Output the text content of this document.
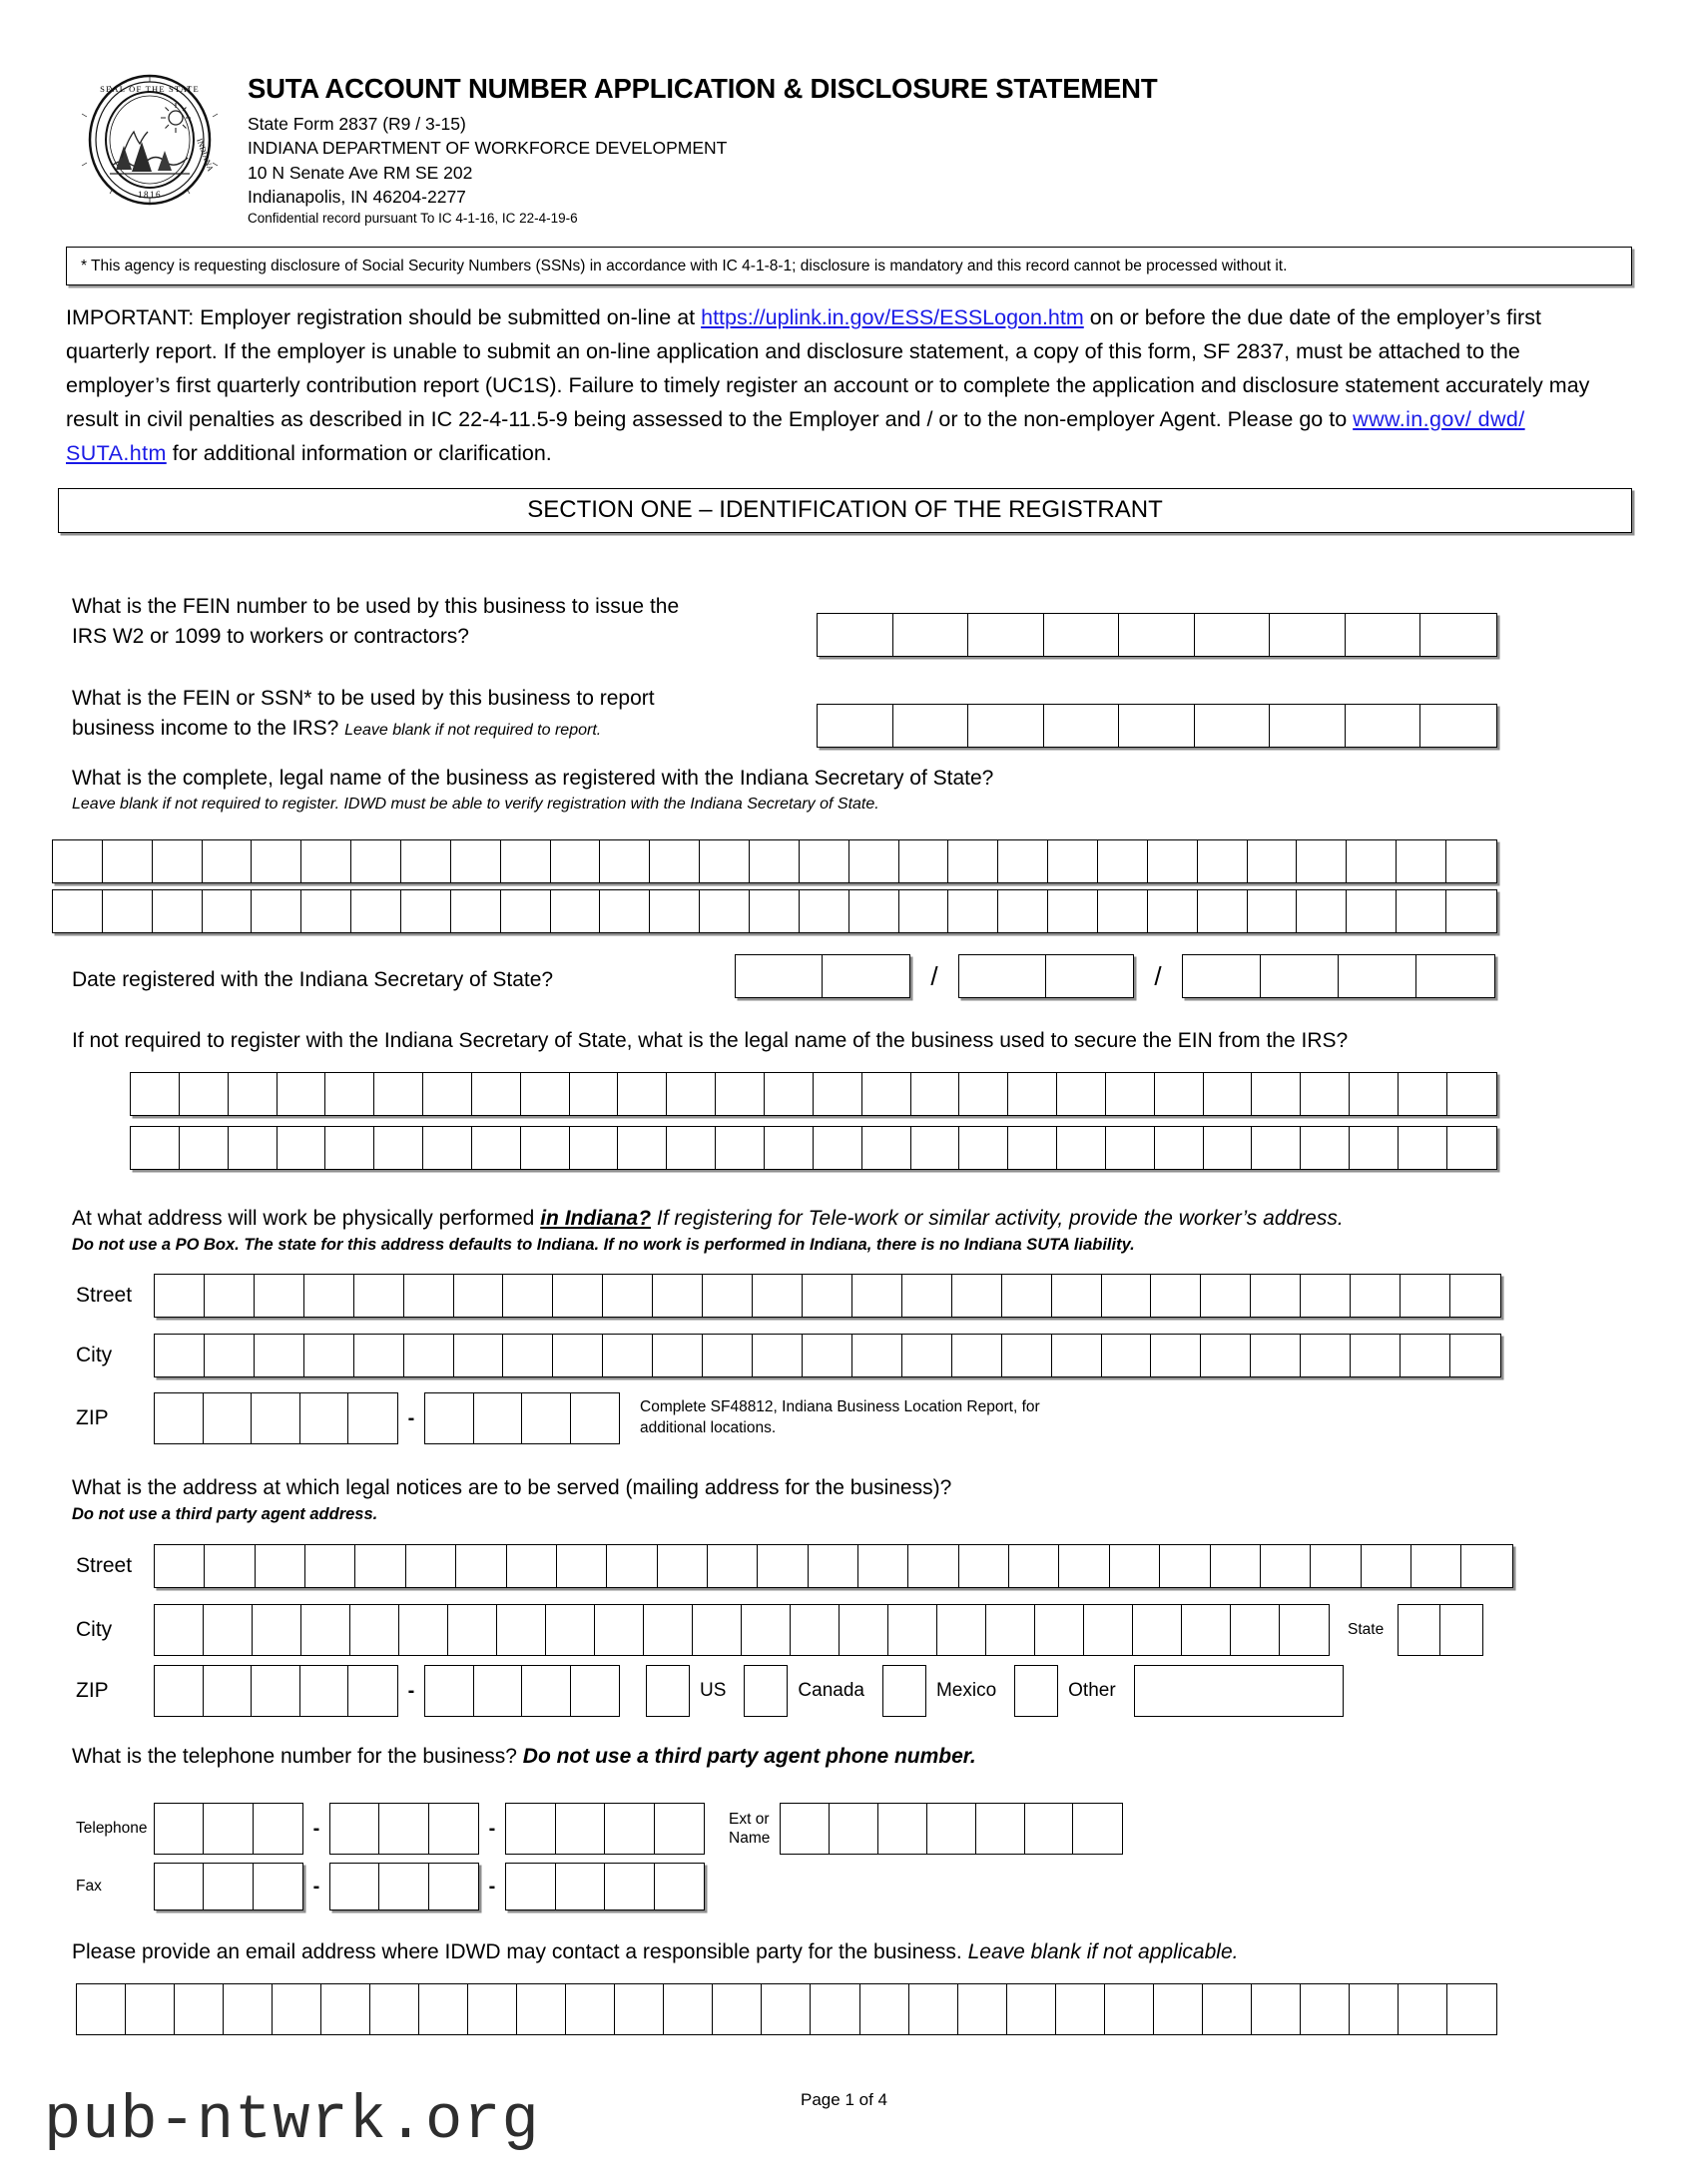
SEAL OF THE STATE
1816
INDIANA
SUTA ACCOUNT NUMBER APPLICATION & DISCLOSURE STATEMENT
State Form 2837 (R9 / 3-15)
INDIANA DEPARTMENT OF WORKFORCE DEVELOPMENT
10 N Senate Ave RM SE 202
Indianapolis, IN 46204-2277
Confidential record pursuant To IC 4-1-16, IC 22-4-19-6
* This agency is requesting disclosure of Social Security Numbers (SSNs) in accordance with IC 4-1-8-1; disclosure is mandatory and this record cannot be processed without it.
IMPORTANT: Employer registration should be submitted on-line at https://uplink.in.gov/ESS/ESSLogon.htm on or before the due date of the employer’s first quarterly report. If the employer is unable to submit an on-line application and disclosure statement, a copy of this form, SF 2837, must be attached to the employer’s first quarterly contribution report (UC1S). Failure to timely register an account or to complete the application and disclosure statement accurately may result in civil penalties as described in IC 22-4-11.5-9 being assessed to the Employer and / or to the non-employer Agent. Please go to www.in.gov/ dwd/ SUTA.htm for additional information or clarification.
SECTION ONE – IDENTIFICATION OF THE REGISTRANT
What is the FEIN number to be used by this business to issue the
IRS W2 or 1099 to workers or contractors?
What is the FEIN or SSN* to be used by this business to report
business income to the IRS? Leave blank if not required to report.
What is the complete, legal name of the business as registered with the Indiana Secretary of State?
Leave blank if not required to register. IDWD must be able to verify registration with the Indiana Secretary of State.
Date registered with the Indiana Secretary of State?	/	/
If not required to register with the Indiana Secretary of State, what is the legal name of the business used to secure the EIN from the IRS?
At what address will work be physically performed in Indiana? If registering for Tele-work or similar activity, provide the worker’s address.
Do not use a PO Box. The state for this address defaults to Indiana. If no work is performed in Indiana, there is no Indiana SUTA liability.
Street
City
ZIP	-	Complete SF48812, Indiana Business Location Report, for additional locations.
What is the address at which legal notices are to be served (mailing address for the business)?
Do not use a third party agent address.
Street
City	State
ZIP	-	US	Canada	Mexico	Other
What is the telephone number for the business? Do not use a third party agent phone number.
Telephone	-	-	Ext or
Name
Fax	-	-
Please provide an email address where IDWD may contact a responsible party for the business. Leave blank if not applicable.
Page 1 of 4
pub-ntwrk.org
